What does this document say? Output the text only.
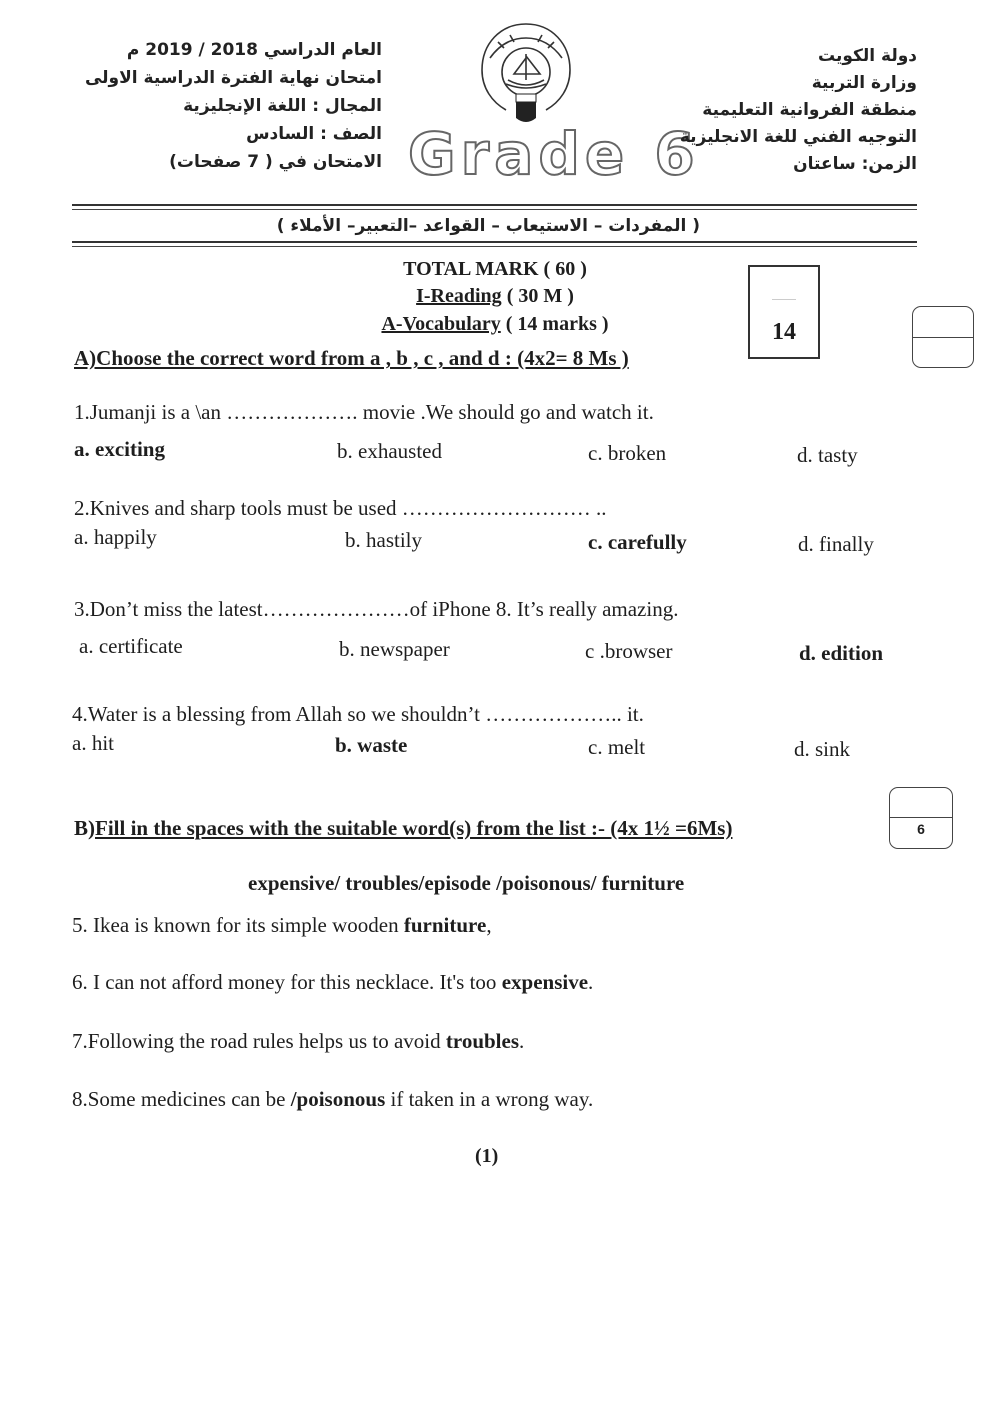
العام الدراسي 2018 / 2019 م
امتحان نهاية الفترة الدراسية الاولى
المجال : اللغة الإنجليزية
الصف : السادس
الامتحان في ( 7 صفحات) Grade 6
دولة الكويت
وزارة التربية
منطقة الفروانية التعليمية
التوجيه الفني للغة الانجليزية
الزمن: ساعتان
( المفردات – الاستيعاب – القواعد –التعبير– الأملاء )
TOTAL MARK ( 60 )
I-Reading ( 30 M )
A-Vocabulary ( 14 marks )	14
A)Choose the correct word from a , b , c , and d : (4x2= 8 Ms )
1.Jumanji is a \an ………………. movie .We should go and watch it.
a. exciting	b. exhausted	c. broken	d. tasty
2.Knives and sharp tools must be used ……………………… ..
a. happily	b. hastily	c. carefully	d. finally
3.Don’t miss the latest…………………of iPhone 8. It’s really amazing.
a. certificate	b. newspaper	c .browser	d. edition
4.Water is a blessing from Allah so we shouldn’t ……………….. it.
a. hit	b. waste	c. melt	d. sink
B)Fill in the spaces with the suitable word(s) from the list :- (4x 1½ =6Ms)	6
expensive/ troubles/episode /poisonous/ furniture
5. Ikea is known for its simple wooden furniture,
6. I can not afford money for this necklace. It's too expensive.
7.Following the road rules helps us to avoid troubles.
8.Some medicines can be /poisonous if taken in a wrong way.
(1)
